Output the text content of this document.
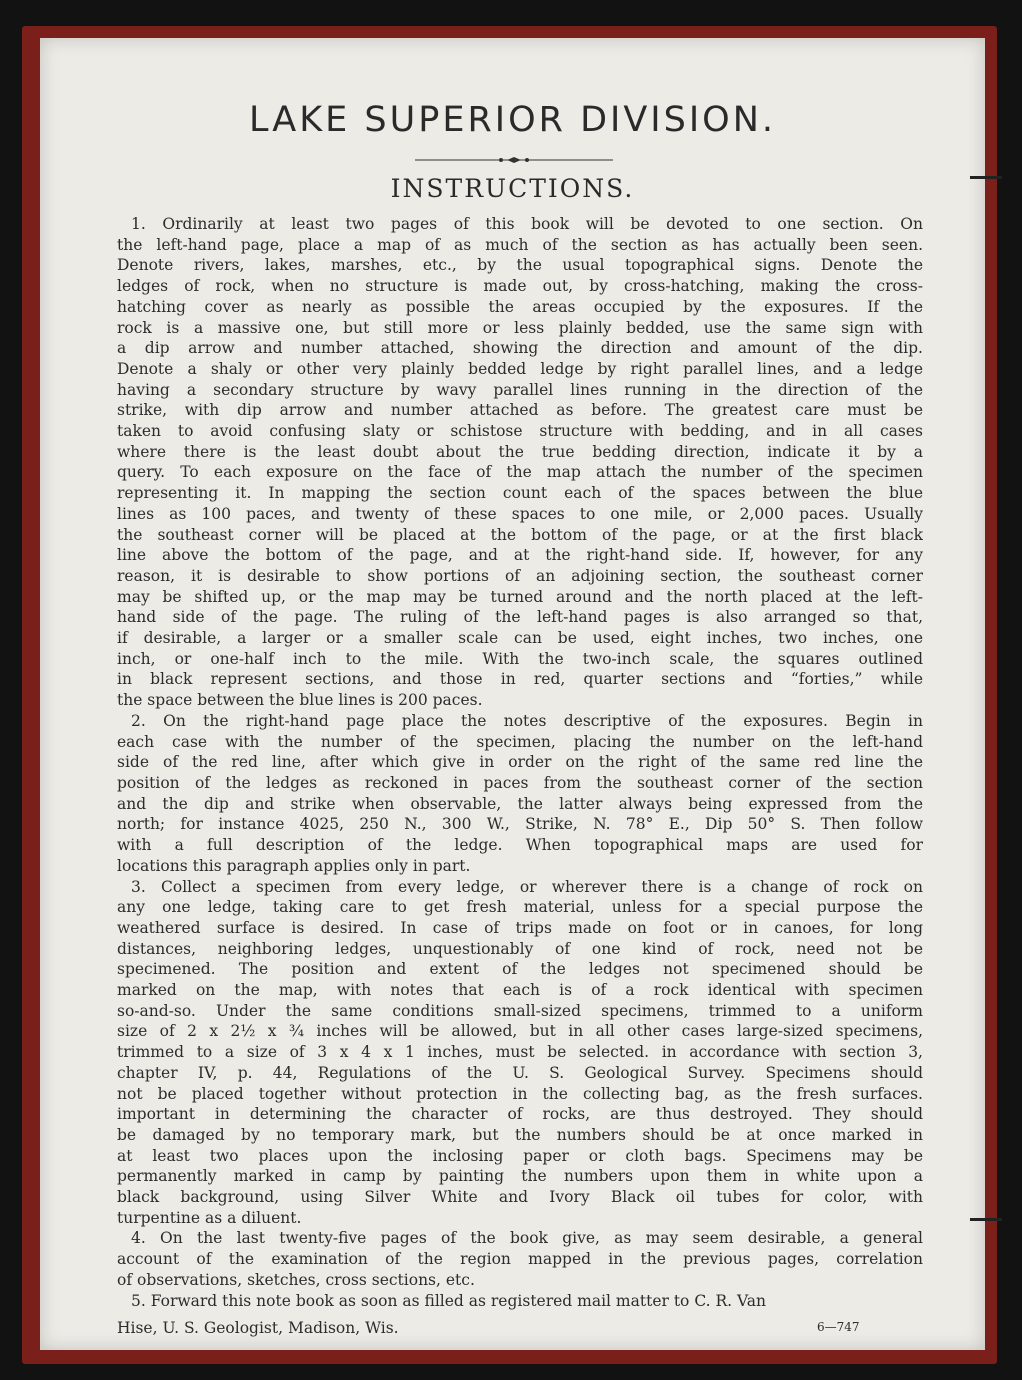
LAKE SUPERIOR DIVISION.
INSTRUCTIONS.
1. Ordinarily at least two pages of this book will be devoted to one section. On
the left-hand page, place a map of as much of the section as has actually been seen.
Denote rivers, lakes, marshes, etc., by the usual topographical signs. Denote the
ledges of rock, when no structure is made out, by cross-hatching, making the cross-
hatching cover as nearly as possible the areas occupied by the exposures. If the
rock is a massive one, but still more or less plainly bedded, use the same sign with
a dip arrow and number attached, showing the direction and amount of the dip.
Denote a shaly or other very plainly bedded ledge by right parallel lines, and a ledge
having a secondary structure by wavy parallel lines running in the direction of the
strike, with dip arrow and number attached as before. The greatest care must be
taken to avoid confusing slaty or schistose structure with bedding, and in all cases
where there is the least doubt about the true bedding direction, indicate it by a
query. To each exposure on the face of the map attach the number of the specimen
representing it. In mapping the section count each of the spaces between the blue
lines as 100 paces, and twenty of these spaces to one mile, or 2,000 paces. Usually
the southeast corner will be placed at the bottom of the page, or at the first black
line above the bottom of the page, and at the right-hand side. If, however, for any
reason, it is desirable to show portions of an adjoining section, the southeast corner
may be shifted up, or the map may be turned around and the north placed at the left-
hand side of the page. The ruling of the left-hand pages is also arranged so that,
if desirable, a larger or a smaller scale can be used, eight inches, two inches, one
inch, or one-half inch to the mile. With the two-inch scale, the squares outlined
in black represent sections, and those in red, quarter sections and “forties,” while
the space between the blue lines is 200 paces.
2. On the right-hand page place the notes descriptive of the exposures. Begin in
each case with the number of the specimen, placing the number on the left-hand
side of the red line, after which give in order on the right of the same red line the
position of the ledges as reckoned in paces from the southeast corner of the section
and the dip and strike when observable, the latter always being expressed from the
north; for instance 4025, 250 N., 300 W., Strike, N. 78° E., Dip 50° S. Then follow
with a full description of the ledge. When topographical maps are used for
locations this paragraph applies only in part.
3. Collect a specimen from every ledge, or wherever there is a change of rock on
any one ledge, taking care to get fresh material, unless for a special purpose the
weathered surface is desired. In case of trips made on foot or in canoes, for long
distances, neighboring ledges, unquestionably of one kind of rock, need not be
specimened. The position and extent of the ledges not specimened should be
marked on the map, with notes that each is of a rock identical with specimen
so-and-so. Under the same conditions small-sized specimens, trimmed to a uniform
size of 2 x 2½ x ¾ inches will be allowed, but in all other cases large-sized specimens,
trimmed to a size of 3 x 4 x 1 inches, must be selected. in accordance with section 3,
chapter IV, p. 44, Regulations of the U. S. Geological Survey. Specimens should
not be placed together without protection in the collecting bag, as the fresh surfaces.
important in determining the character of rocks, are thus destroyed. They should
be damaged by no temporary mark, but the numbers should be at once marked in
at least two places upon the inclosing paper or cloth bags. Specimens may be
permanently marked in camp by painting the numbers upon them in white upon a
black background, using Silver White and Ivory Black oil tubes for color, with
turpentine as a diluent.
4. On the last twenty-five pages of the book give, as may seem desirable, a general
account of the examination of the region mapped in the previous pages, correlation
of observations, sketches, cross sections, etc.
5. Forward this note book as soon as filled as registered mail matter to C. R. Van
Hise, U. S. Geologist, Madison, Wis.	6—747
